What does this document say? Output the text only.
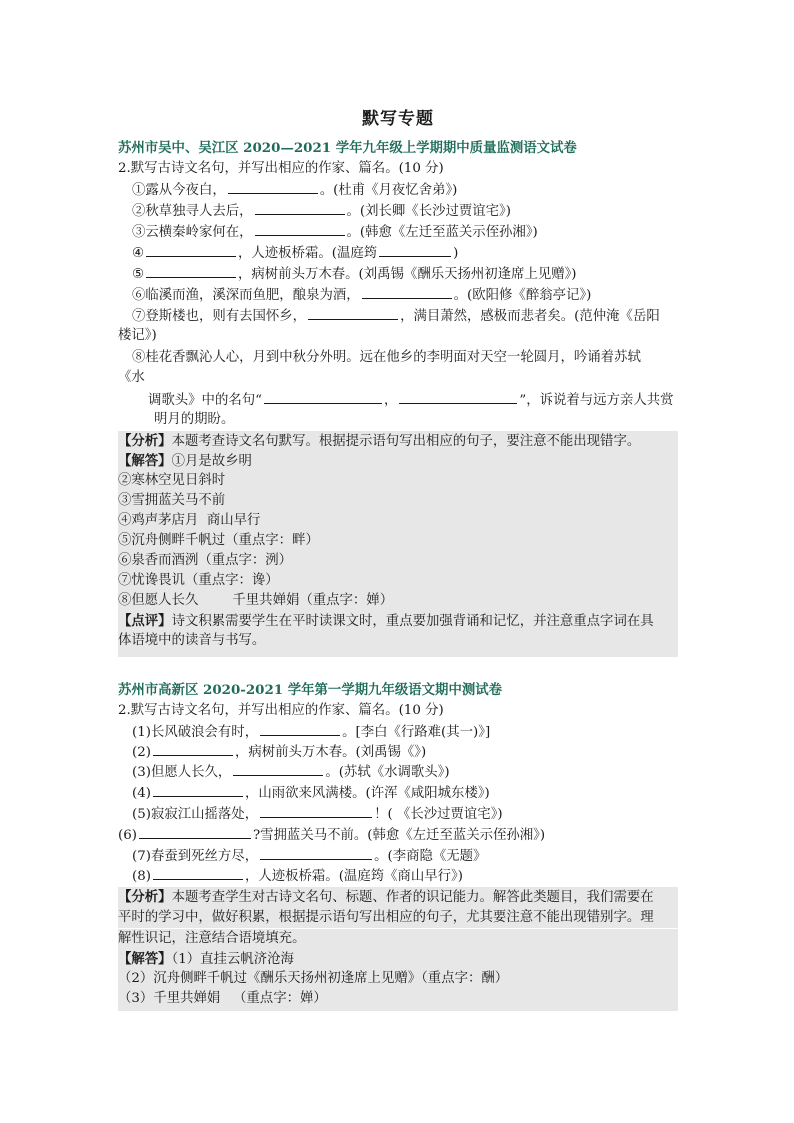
默写专题
苏州市吴中、吴江区 2020—2021 学年九年级上学期期中质量监测语文试卷
2.默写古诗文名句，并写出相应的作家、篇名。(10 分)
①露从今夜白，	。(杜甫《月夜忆舍弟》)
②秋草独寻人去后，	。(刘长卿《长沙过贾谊宅》)
③云横秦岭家何在，	。(韩愈《左迁至蓝关示侄孙湘》)
④	，人迹板桥霜。(温庭筠	)
⑤	，病树前头万木春。(刘禹锡《酬乐天扬州初逢席上见赠》)
⑥临溪而渔，溪深而鱼肥，酿泉为酒，	。(欧阳修《醉翁亭记》)
⑦登斯楼也，则有去国怀乡，	，满目萧然，感极而悲者矣。(范仲淹《岳阳
楼记》)
⑧桂花香飘沁人心，月到中秋分外明。远在他乡的李明面对天空一轮圆月，吟诵着苏轼
《水
调歌头》中的名句“	，	”，诉说着与远方亲人共赏
明月的期盼。
【分析】本题考查诗文名句默写。根据提示语句写出相应的句子，要注意不能出现错字。
【解答】①月是故乡明
②寒林空见日斜时
③雪拥蓝关马不前
④鸡声茅店月  商山早行
⑤沉舟侧畔千帆过（重点字：畔）
⑥泉香而酒洌（重点字：洌）
⑦忧谗畏讥（重点字：谗）
⑧但愿人长久        千里共婵娟（重点字：婵）
【点评】诗文积累需要学生在平时读课文时，重点要加强背诵和记忆，并注意重点字词在具
体语境中的读音与书写。
苏州市高新区 2020-2021 学年第一学期九年级语文期中测试卷
2.默写古诗文名句，并写出相应的作家、篇名。(10 分)
(1)长风破浪会有时，	。[李白《行路难(其一)》]
(2)	，病树前头万木春。(刘禹锡《》)
(3)但愿人长久，	。(苏轼《水调歌头》)
(4)	，山雨欲来风满楼。(许浑《咸阳城东楼》)
(5)寂寂江山摇落处，	！( 《长沙过贾谊宅》)
(6)	?雪拥蓝关马不前。(韩愈《左迁至蓝关示侄孙湘》)
(7)春蚕到死丝方尽，	。(李商隐《无题》
(8)	，人迹板桥霜。(温庭筠《商山早行》)
【分析】本题考查学生对古诗文名句、标题、作者的识记能力。解答此类题目，我们需要在
平时的学习中，做好积累，根据提示语句写出相应的句子，尤其要注意不能出现错别字。理
解性识记，注意结合语境填充。
【解答】（1）直挂云帆济沧海
（2）沉舟侧畔千帆过《酬乐天扬州初逢席上见赠》（重点字：酬）
（3）千里共婵娟   （重点字：婵）
